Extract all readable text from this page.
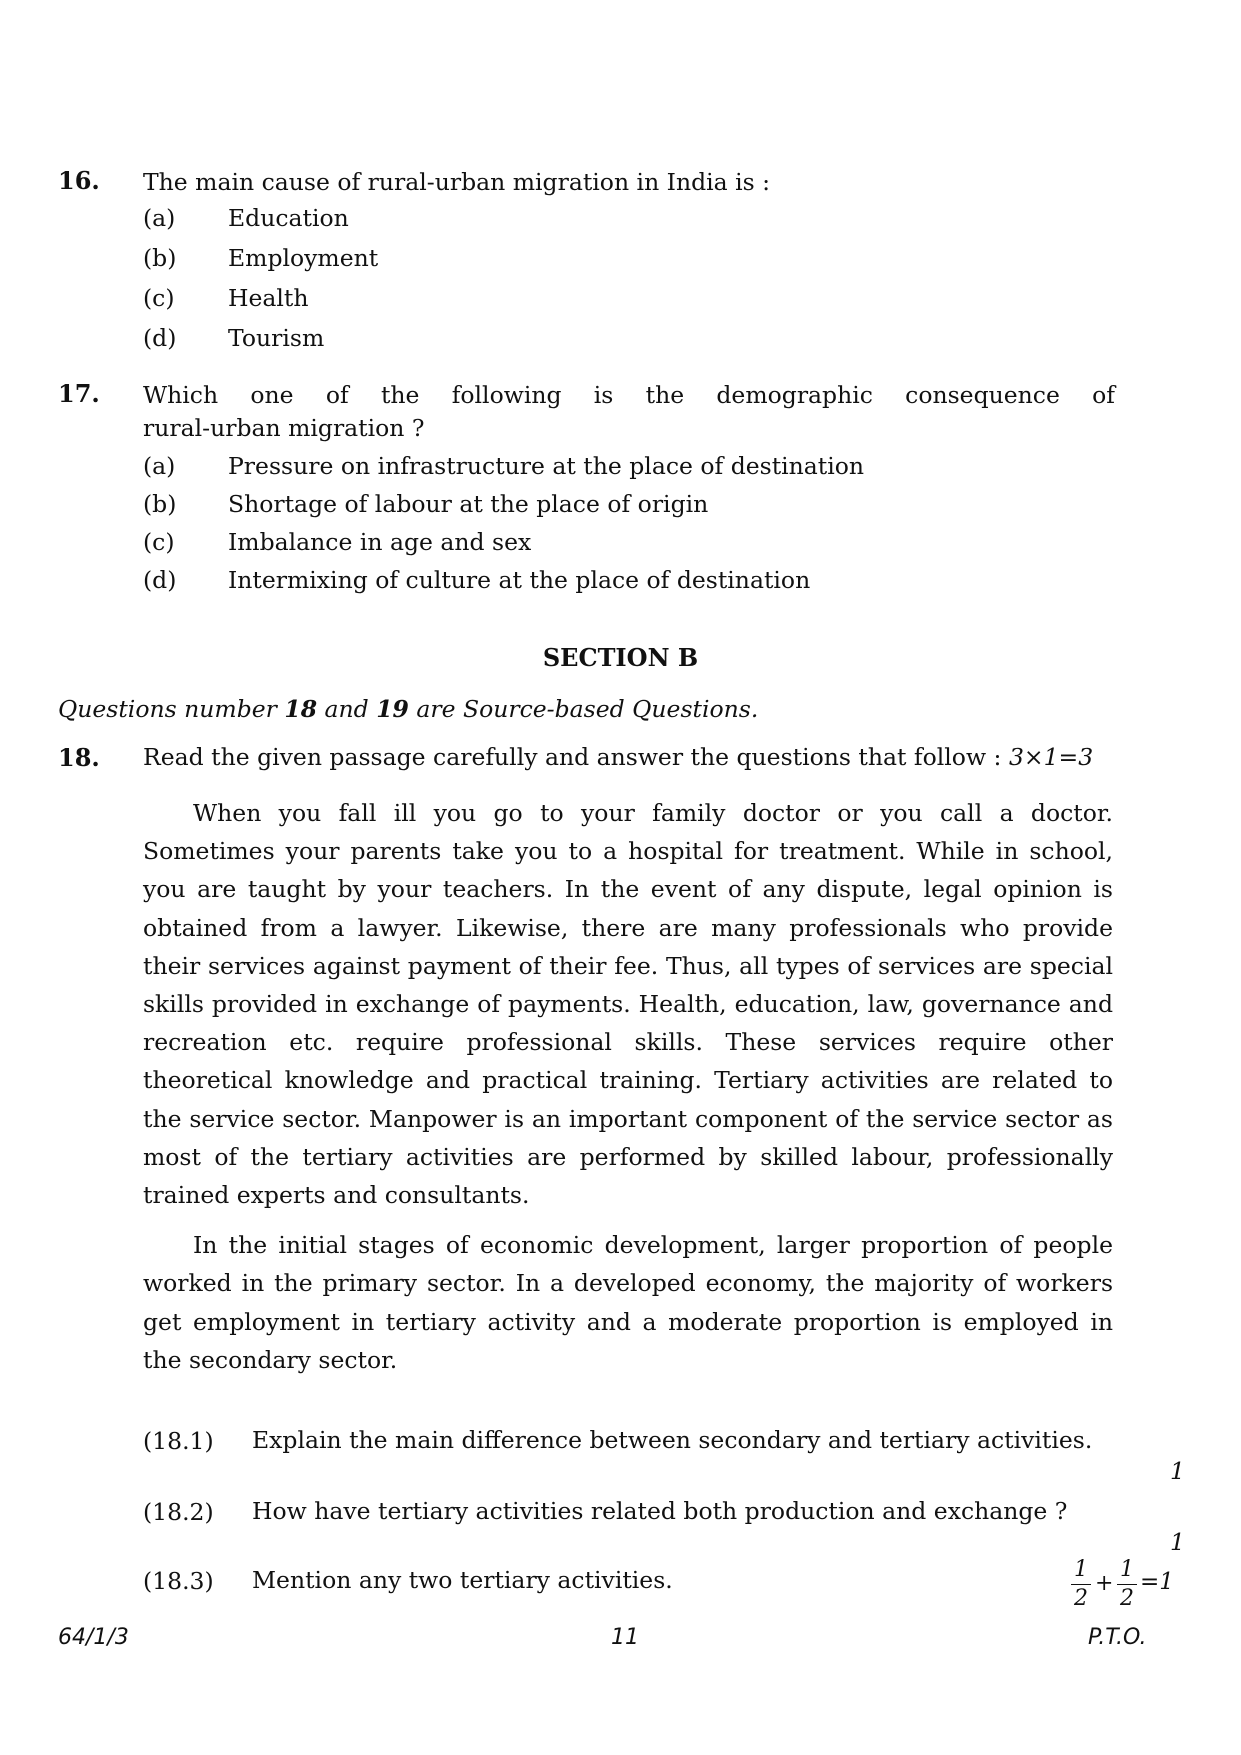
16. The main cause of rural-urban migration in India is :
(a) Education
(b) Employment
(c) Health
(d) Tourism
17. Which one of the following is the demographic consequence of
rural-urban migration ?
(a) Pressure on infrastructure at the place of destination
(b) Shortage of labour at the place of origin
(c) Imbalance in age and sex
(d) Intermixing of culture at the place of destination
SECTION B
Questions number 18 and 19 are Source-based Questions.
18. Read the given passage carefully and answer the questions that follow : 3×1=3

When you fall ill you go to your family doctor or you call a doctor. Sometimes your parents take you to a hospital for treatment. While in school, you are taught by your teachers. In the event of any dispute, legal opinion is obtained from a lawyer. Likewise, there are many professionals who provide their services against payment of their fee. Thus, all types of services are special skills provided in exchange of payments. Health, education, law, governance and recreation etc. require professional skills. These services require other theoretical knowledge and practical training. Tertiary activities are related to the service sector. Manpower is an important component of the service sector as most of the tertiary activities are performed by skilled labour, professionally trained experts and consultants.

In the initial stages of economic development, larger proportion of people worked in the primary sector. In a developed economy, the majority of workers get employment in tertiary activity and a moderate proportion is employed in the secondary sector.

(18.1) Explain the main difference between secondary and tertiary activities.
1
(18.2) How have tertiary activities related both production and exchange ?
1
(18.3) Mention any two tertiary activities.	$\frac{1}{2} + \frac{1}{2} =1$
64/1/3	11	P.T.O.
